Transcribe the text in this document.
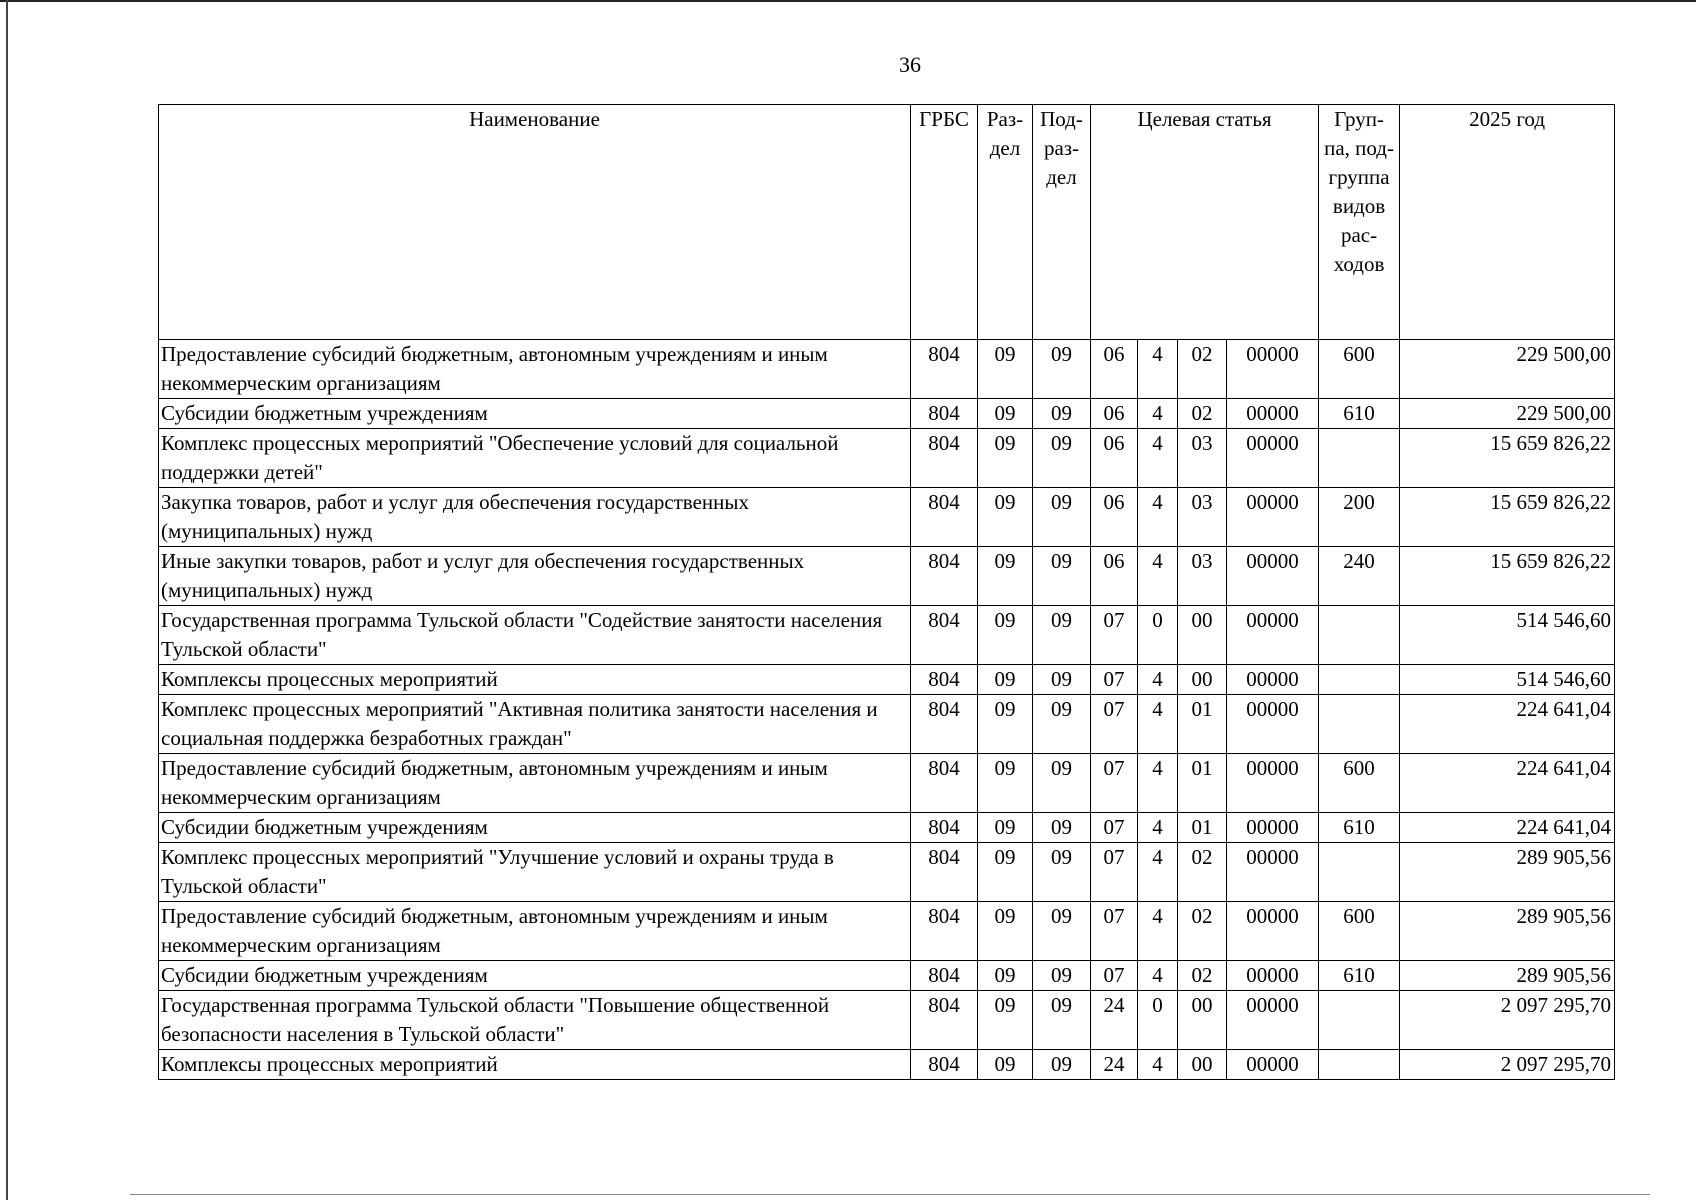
36
Наименование	ГРБС	Раз- дел	Под- раз- дел	Целевая статья				Груп- па, под- группа видов рас- ходов	2025 год
Предоставление субсидий бюджетным, автономным учреждениям и иным некоммерческим организациям	804	09	09	06	4	02	00000	600	229 500,00
Субсидии бюджетным учреждениям	804	09	09	06	4	02	00000	610	229 500,00
Комплекс процессных мероприятий "Обеспечение условий для социальной поддержки детей"	804	09	09	06	4	03	00000		15 659 826,22
Закупка товаров, работ и услуг для обеспечения государственных (муниципальных) нужд	804	09	09	06	4	03	00000	200	15 659 826,22
Иные закупки товаров, работ и услуг для обеспечения государственных (муниципальных) нужд	804	09	09	06	4	03	00000	240	15 659 826,22
Государственная программа Тульской области "Содействие занятости населения Тульской области"	804	09	09	07	0	00	00000		514 546,60
Комплексы процессных мероприятий	804	09	09	07	4	00	00000		514 546,60
Комплекс процессных мероприятий "Активная политика занятости населения и социальная поддержка безработных граждан"	804	09	09	07	4	01	00000		224 641,04
Предоставление субсидий бюджетным, автономным учреждениям и иным некоммерческим организациям	804	09	09	07	4	01	00000	600	224 641,04
Субсидии бюджетным учреждениям	804	09	09	07	4	01	00000	610	224 641,04
Комплекс процессных мероприятий "Улучшение условий и охраны труда в Тульской области"	804	09	09	07	4	02	00000		289 905,56
Предоставление субсидий бюджетным, автономным учреждениям и иным некоммерческим организациям	804	09	09	07	4	02	00000	600	289 905,56
Субсидии бюджетным учреждениям	804	09	09	07	4	02	00000	610	289 905,56
Государственная программа Тульской области "Повышение общественной безопасности населения в Тульской области"	804	09	09	24	0	00	00000		2 097 295,70
Комплексы процессных мероприятий	804	09	09	24	4	00	00000		2 097 295,70
